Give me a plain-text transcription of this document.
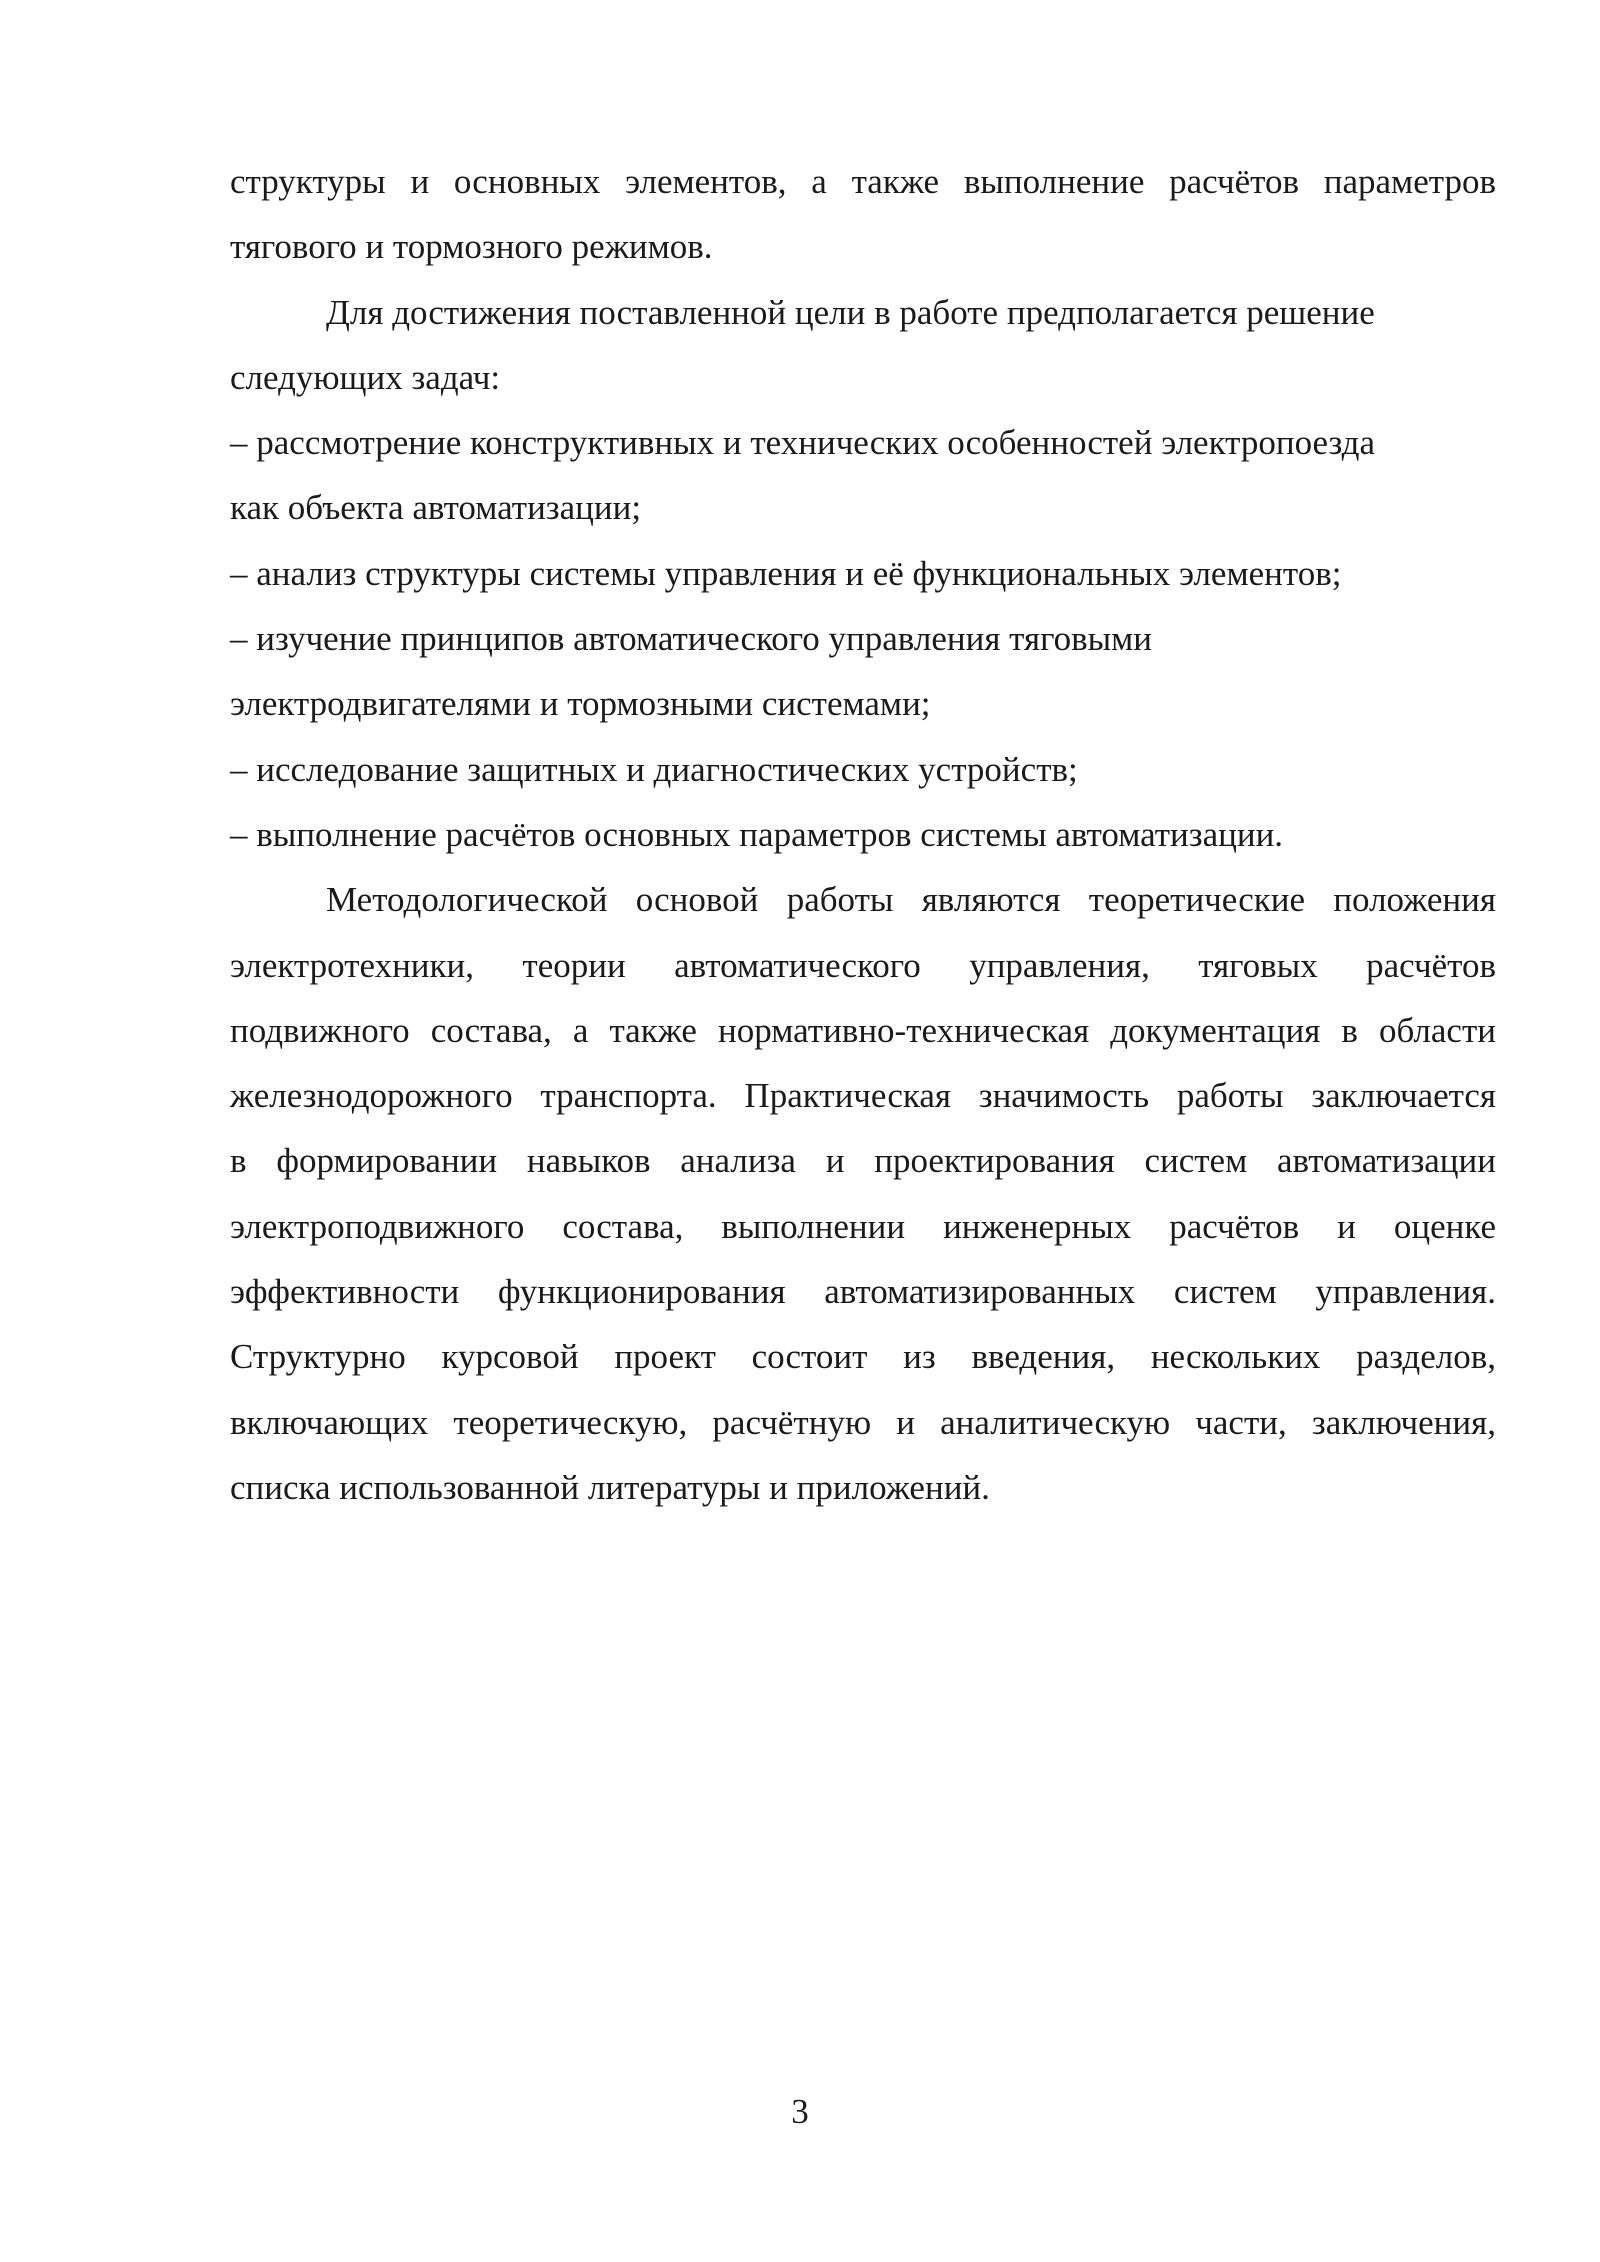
структуры и основных элементов, а также выполнение расчётов параметров
тягового и тормозного режимов.
Для достижения поставленной цели в работе предполагается решение
следующих задач:
– рассмотрение конструктивных и технических особенностей электропоезда
как объекта автоматизации;
– анализ структуры системы управления и её функциональных элементов;
– изучение принципов автоматического управления тяговыми
электродвигателями и тормозными системами;
– исследование защитных и диагностических устройств;
– выполнение расчётов основных параметров системы автоматизации.
Методологической основой работы являются теоретические положения
электротехники, теории автоматического управления, тяговых расчётов
подвижного состава, а также нормативно-техническая документация в области
железнодорожного транспорта. Практическая значимость работы заключается
в формировании навыков анализа и проектирования систем автоматизации
электроподвижного состава, выполнении инженерных расчётов и оценке
эффективности функционирования автоматизированных систем управления.
Структурно курсовой проект состоит из введения, нескольких разделов,
включающих теоретическую, расчётную и аналитическую части, заключения,
списка использованной литературы и приложений.
3
